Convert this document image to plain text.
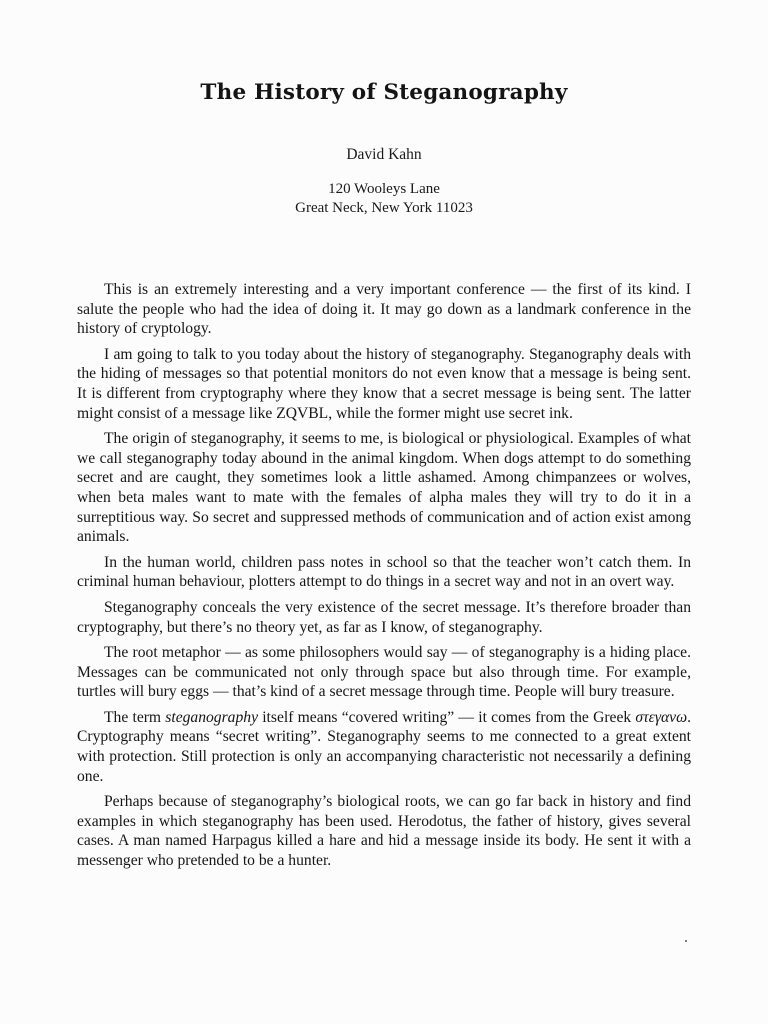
The History of Steganography
David Kahn
120 Wooleys Lane
Great Neck, New York 11023

This is an extremely interesting and a very important conference — the first of its kind. I salute the people who had the idea of doing it. It may go down as a landmark conference in the history of cryptology.

I am going to talk to you today about the history of steganography. Steganography deals with the hiding of messages so that potential monitors do not even know that a message is being sent. It is different from cryptography where they know that a secret message is being sent. The latter might consist of a message like ZQVBL, while the former might use secret ink.

The origin of steganography, it seems to me, is biological or physiological. Examples of what we call steganography today abound in the animal kingdom. When dogs attempt to do something secret and are caught, they sometimes look a little ashamed. Among chimpanzees or wolves, when beta males want to mate with the females of alpha males they will try to do it in a surreptitious way. So secret and suppressed methods of communication and of action exist among animals.

In the human world, children pass notes in school so that the teacher won’t catch them. In criminal human behaviour, plotters attempt to do things in a secret way and not in an overt way.

Steganography conceals the very existence of the secret message. It’s therefore broader than cryptography, but there’s no theory yet, as far as I know, of steganography.

The root metaphor — as some philosophers would say — of steganography is a hiding place. Messages can be communicated not only through space but also through time. For example, turtles will bury eggs — that’s kind of a secret message through time. People will bury treasure.

The term steganography itself means “covered writing” — it comes from the Greek στεγανω. Cryptography means “secret writing”. Steganography seems to me connected to a great extent with protection. Still protection is only an accompanying characteristic not necessarily a defining one.

Perhaps because of steganography’s biological roots, we can go far back in history and find examples in which steganography has been used. Herodotus, the father of history, gives several cases. A man named Harpagus killed a hare and hid a message inside its body. He sent it with a messenger who pretended to be a hunter.
